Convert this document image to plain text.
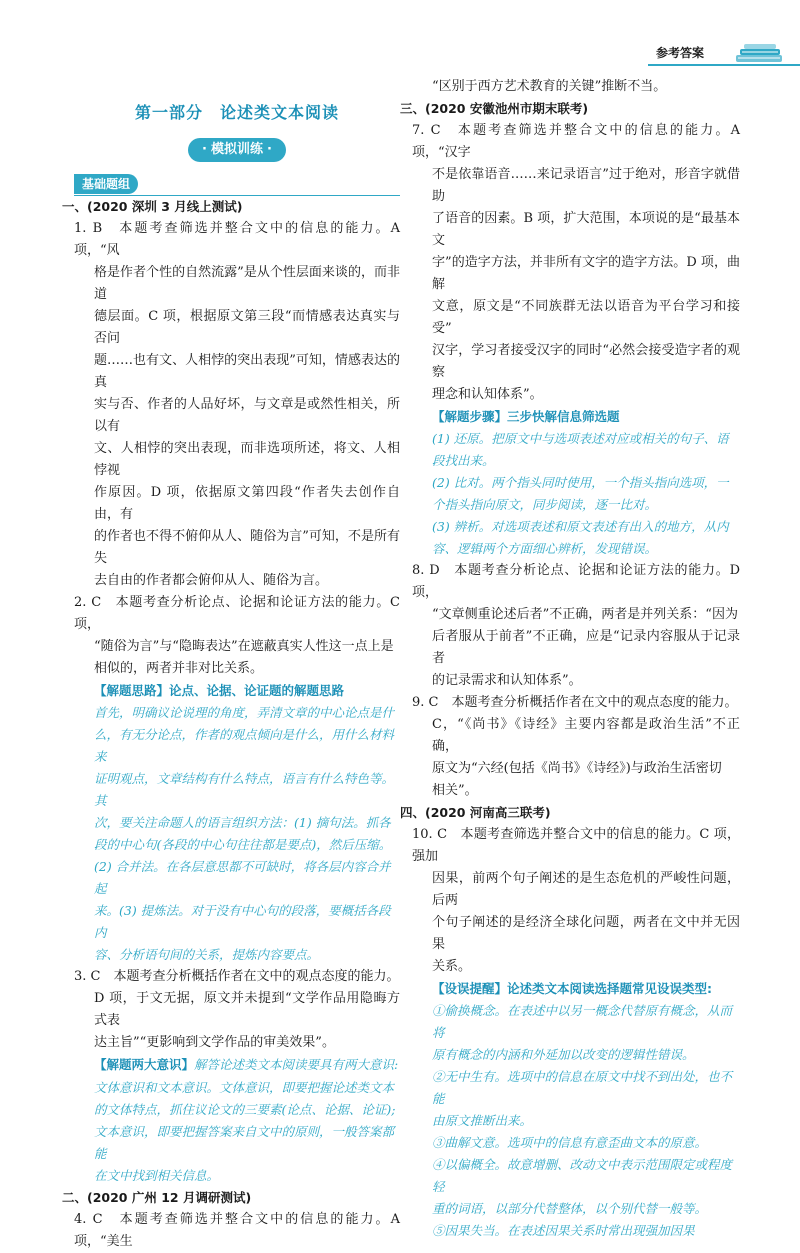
参考答案
第一部分　论述类文本阅读
· 模拟训练 ·
基础题组
一、(2020 深圳 3 月线上测试)
1. B　本题考查筛选并整合文中的信息的能力。A 项，“风
格是作者个性的自然流露”是从个性层面来谈的，而非道
德层面。C 项，根据原文第三段“而情感表达真实与否问
题……也有文、人相悖的突出表现”可知，情感表达的真
实与否、作者的人品好坏，与文章是或然性相关，所以有
文、人相悖的突出表现，而非选项所述，将文、人相悖视
作原因。D 项，依据原文第四段“作者失去创作自由，有
的作者也不得不俯仰从人、随俗为言”可知，不是所有失
去自由的作者都会俯仰从人、随俗为言。
2. C　本题考查分析论点、论据和论证方法的能力。C 项，
“随俗为言”与“隐晦表达”在遮蔽真实人性这一点上是
相似的，两者并非对比关系。
【解题思路】论点、论据、论证题的解题思路
首先，明确议论说理的角度，弄清文章的中心论点是什
么，有无分论点，作者的观点倾向是什么，用什么材料来
证明观点，文章结构有什么特点，语言有什么特色等。其
次，要关注命题人的语言组织方法：(1) 摘句法。抓各
段的中心句(各段的中心句往往都是要点)，然后压缩。
(2) 合并法。在各层意思都不可缺时，将各层内容合并起
来。(3) 提炼法。对于没有中心句的段落，要概括各段内
容、分析语句间的关系，提炼内容要点。
3. C　本题考查分析概括作者在文中的观点态度的能力。
D 项，于文无据，原文并未提到“文学作品用隐晦方式表
达主旨”“更影响到文学作品的审美效果”。
【解题两大意识】解答论述类文本阅读要具有两大意识:
文体意识和文本意识。文体意识，即要把握论述类文本
的文体特点，抓住议论文的三要素(论点、论据、论证);
文本意识，即要把握答案来自文中的原则，一般答案都能
在文中找到相关信息。
二、(2020 广州 12 月调研测试)
4. C　本题考查筛选并整合文中的信息的能力。A 项，“美生
“区别于西方艺术教育的关键”推断不当。
三、(2020 安徽池州市期末联考)
7. C　本题考查筛选并整合文中的信息的能力。A 项，“汉字
不是依靠语音……来记录语言”过于绝对，形音字就借助
了语音的因素。B 项，扩大范围，本项说的是“最基本文
字”的造字方法，并非所有文字的造字方法。D 项，曲解
文意，原文是“不同族群无法以语音为平台学习和接受”
汉字，学习者接受汉字的同时“必然会接受造字者的观察
理念和认知体系”。
【解题步骤】三步快解信息筛选题
(1) 还原。把原文中与选项表述对应或相关的句子、语
段找出来。
(2) 比对。两个指头同时使用，一个指头指向选项，一
个指头指向原文，同步阅读，逐一比对。
(3) 辨析。对选项表述和原文表述有出入的地方，从内
容、逻辑两个方面细心辨析，发现错误。
8. D　本题考查分析论点、论据和论证方法的能力。D 项，
“文章侧重论述后者”不正确，两者是并列关系：“因为
后者服从于前者”不正确，应是“记录内容服从于记录者
的记录需求和认知体系”。
9. C　本题考查分析概括作者在文中的观点态度的能力。
C，“《尚书》《诗经》主要内容都是政治生活”不正确，
原文为“六经(包括《尚书》《诗经》)与政治生活密切
相关”。
四、(2020 河南高三联考)
10. C　本题考查筛选并整合文中的信息的能力。C 项，强加
因果，前两个句子阐述的是生态危机的严峻性问题，后两
个句子阐述的是经济全球化问题，两者在文中并无因果
关系。
【设误提醒】论述类文本阅读选择题常见设误类型:
①偷换概念。在表述中以另一概念代替原有概念，从而将
原有概念的内涵和外延加以改变的逻辑性错误。
②无中生有。选项中的信息在原文中找不到出处，也不能
由原文推断出来。
③曲解文意。选项中的信息有意歪曲文本的原意。
④以偏概全。故意增删、改动文中表示范围限定或程度轻
重的词语，以部分代替整体，以个别代替一般等。
⑤因果失当。在表述因果关系时常出现强加因果
